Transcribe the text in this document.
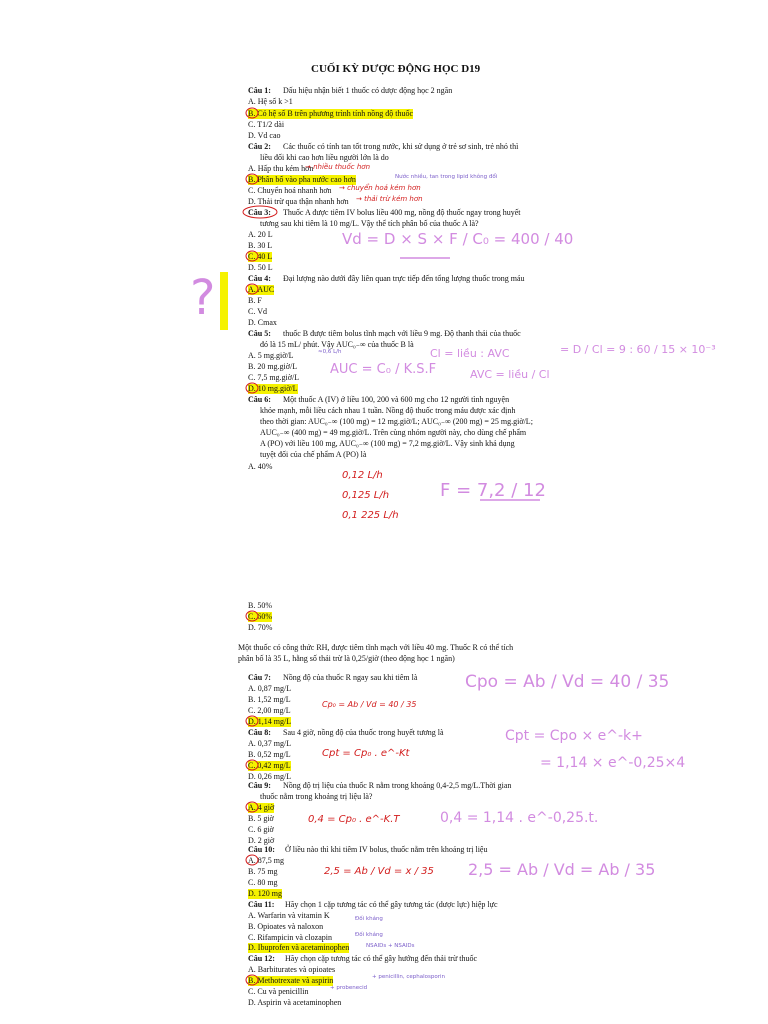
CUỐI KỲ DƯỢC ĐỘNG HỌC D19
Câu 1: Dấu hiệu nhận biết 1 thuốc có dược động học 2 ngăn
A. Hệ số k >1
B. Có hệ số B trên phương trình tính nồng độ thuốc
C. T1/2 dài
D. Vd cao
Câu 2: Các thuốc có tính tan tốt trong nước, khi sử dụng ở trẻ sơ sinh, trẻ nhỏ thì
liều đối khi cao hơn liều người lớn là do
A. Hấp thu kém hơn
B. Phân bố vào pha nước cao hơn
C. Chuyển hoá nhanh hơn
D. Thải trừ qua thận nhanh hơn
Câu 3: Thuốc A được tiêm IV bolus liều 400 mg, nồng độ thuốc ngay trong huyết
tương sau khi tiêm là 10 mg/L. Vậy thể tích phân bố của thuốc A là?
A. 20 L
B. 30 L
C. 40 L
D. 50 L
Câu 4: Đại lượng nào dưới đây liên quan trực tiếp đến tổng lượng thuốc trong máu
A. AUC
B. F
C. Vd
D. Cmax
Câu 5: thuốc B được tiêm bolus tĩnh mạch với liều 9 mg. Độ thanh thải của thuốc
đó là 15 mL/ phút. Vậy AUC₀₋∞ của thuốc B là
A. 5 mg.giờ/L
B. 20 mg.giờ/L
C. 7,5 mg.giờ/L
D. 10 mg.giờ/L
Câu 6: Một thuốc A (IV) ở liều 100, 200 và 600 mg cho 12 người tình nguyện
khỏe mạnh, mỗi liều cách nhau 1 tuần. Nồng độ thuốc trong máu được xác định
theo thời gian: AUC₀₋∞ (100 mg) = 12 mg.giờ/L; AUC₀₋∞ (200 mg) = 25 mg.giờ/L;
AUC₀₋∞ (400 mg) = 49 mg.giờ/L. Trên cùng nhóm người này, cho dùng chế phẩm
A (PO) với liều 100 mg, AUC₀₋∞ (100 mg) = 7,2 mg.giờ/L. Vậy sinh khả dụng
tuyệt đối của chế phẩm A (PO) là
A. 40%
B. 50%
C. 60%
D. 70%
Một thuốc có công thức RH, được tiêm tĩnh mạch với liều 40 mg. Thuốc R có thể tích
phân bố là 35 L, hằng số thải trừ là 0,25/giờ (theo động học 1 ngăn)
Câu 7: Nồng độ của thuốc R ngay sau khi tiêm là
A. 0,87 mg/L
B. 1,52 mg/L
C. 2,00 mg/L
D. 1,14 mg/L
Câu 8: Sau 4 giờ, nồng độ của thuốc trong huyết tương là
A. 0,37 mg/L
B. 0,52 mg/L
C. 0,42 mg/L
D. 0,26 mg/L
Câu 9: Nồng độ trị liệu của thuốc R nằm trong khoảng 0,4-2,5 mg/L.Thời gian
thuốc nằm trong khoảng trị liệu là?
A. 4 giờ
B. 5 giờ
C. 6 giờ
D. 2 giờ
Câu 10: Ở liều nào thì khi tiêm IV bolus, thuốc nằm trên khoảng trị liệu
A. 87,5 mg
B. 75 mg
C. 80 mg
D. 120 mg
Câu 11: Hãy chọn 1 cặp tương tác có thể gây tương tác (dược lực) hiệp lực
A. Warfarin và vitamin K
B. Opioates và naloxon
C. Rifampicin và clozapin
D. Ibuprofen và acetaminophen
Câu 12: Hãy chọn cặp tương tác có thể gây hướng đến thải trừ thuốc
A. Barbiturates và opioates
B. Methotrexate và aspirin
C. Cu và penicillin
D. Aspirin và acetaminophen
Nước nhiều, tan trong lipid không đổi
≈0,6 L/h
Đối kháng
Đối kháng
NSAIDs + NSAIDs
+ penicillin, cephalosporin
+ probenecid
→ nhiều thuốc hơn
→ chuyển hoá kém hơn
→ thải trừ kém hơn
0,12 L/h
0,125 L/h
0,1 225 L/h
Vd = D × S × F / C₀ = 400 / 40
AUC = C₀ / K.S.F
Cl = liều : AVC
AVC = liều / Cl
= D / Cl = 9 : 60 / 15 × 10⁻³
F = 7,2 / 12
Cpo = Ab / Vd = 40 / 35
Cpt = Cpo × e^-k+
= 1,14 × e^-0,25×4
0,4 = 1,14 . e^-0,25.t.
2,5 = Ab / Vd = Ab / 35
Cp₀ = Ab / Vd = 40 / 35
Cpt = Cp₀ . e^-Kt
0,4 = Cp₀ . e^-K.T
2,5 = Ab / Vd = x / 35
?
